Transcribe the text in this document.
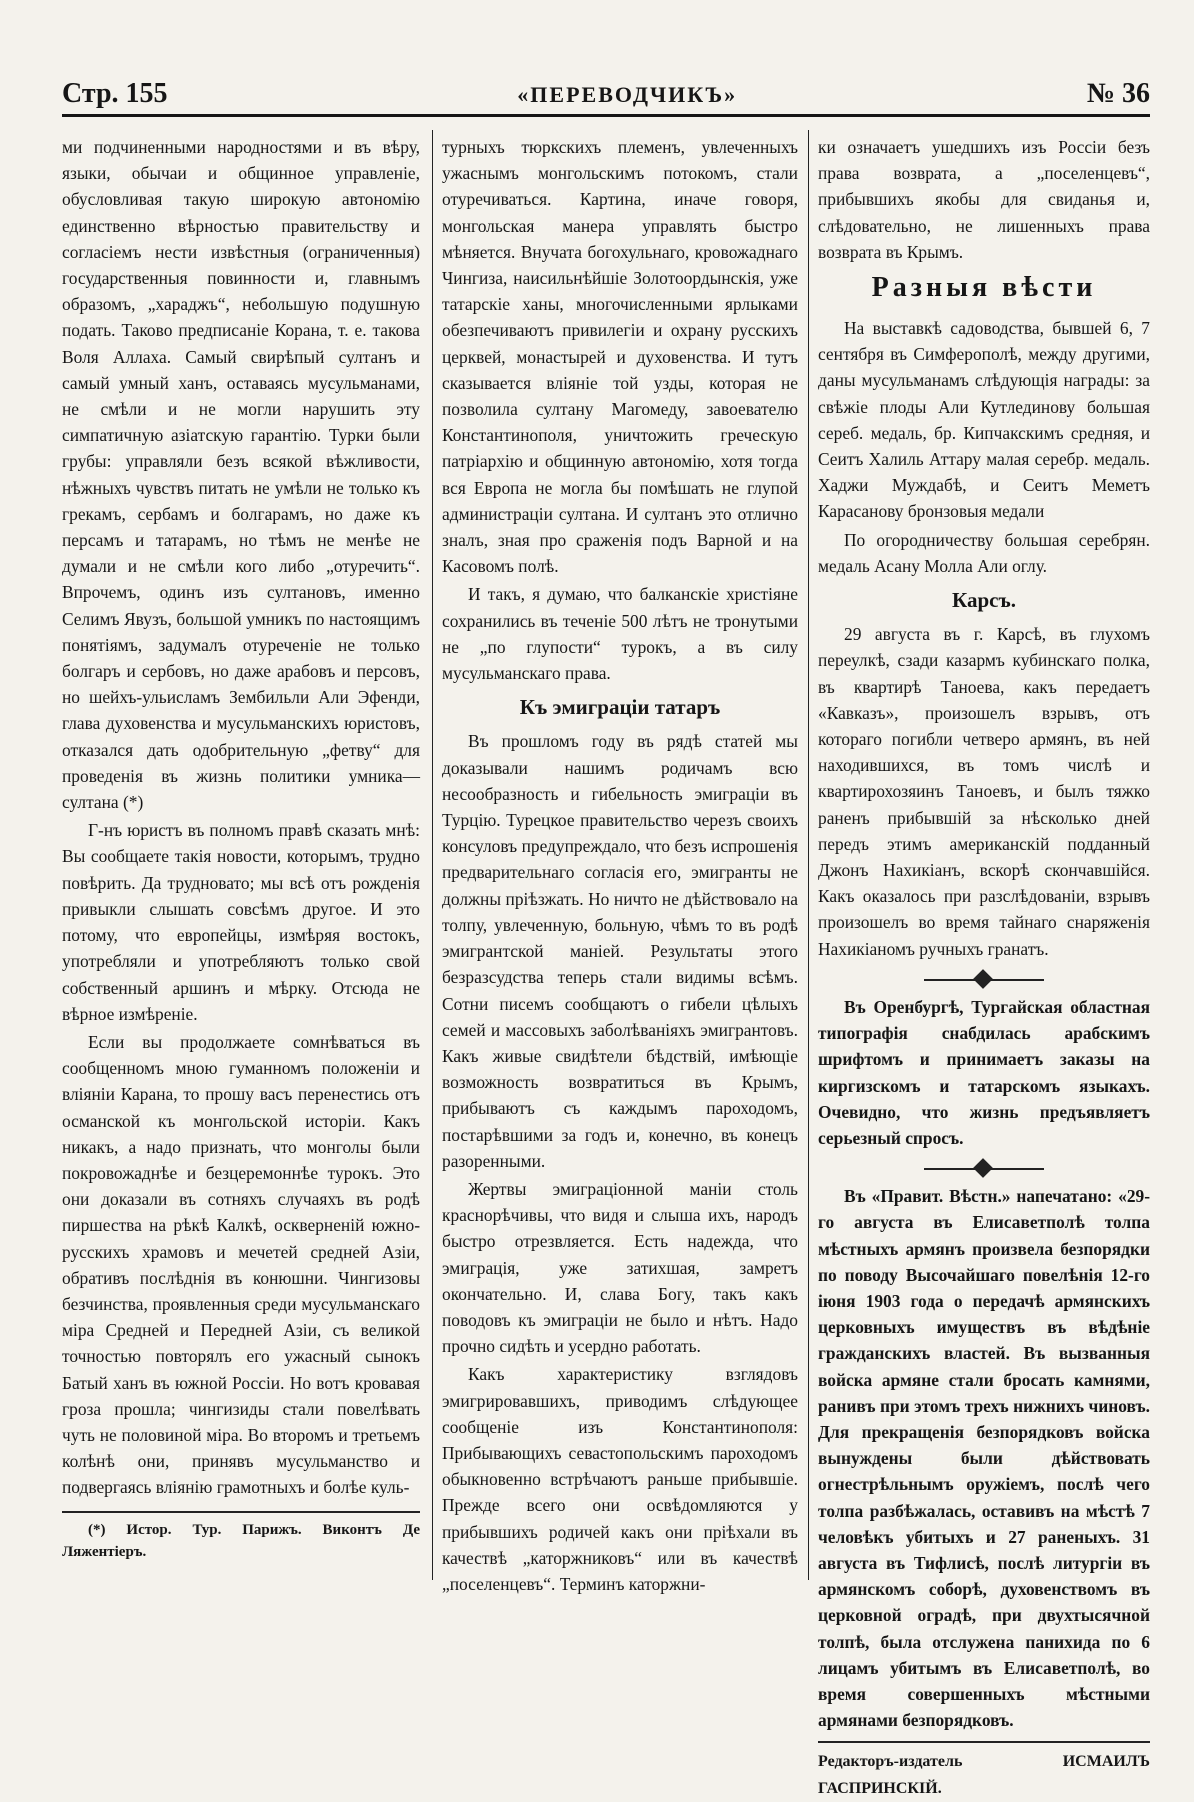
Стр. 155	«ПЕРЕВОДЧИКЪ»	№ 36

ми подчиненными народностями и въ вѣру, языки, обычаи и общинное управленіе, обусловливая такую широкую автономію единственно вѣрностью правительству и согласіемъ нести извѣстныя (ограниченныя) государственныя повинности и, главнымъ образомъ, „хараджъ“, небольшую подушную подать. Таково предписаніе Корана, т. е. такова Воля Аллаха. Самый свирѣпый султанъ и самый умный ханъ, оставаясь мусульманами, не смѣли и не могли нарушить эту симпатичную азіатскую гарантію. Турки были грубы: управляли безъ всякой вѣжливости, нѣжныхъ чувствъ питать не умѣли не только къ грекамъ, сербамъ и болгарамъ, но даже къ персамъ и татарамъ, но тѣмъ не менѣе не думали и не смѣли кого либо „отуречить“. Впрочемъ, одинъ изъ султановъ, именно Селимъ Явузъ, большой умникъ по настоящимъ понятіямъ, задумалъ отуреченіе не только болгаръ и сербовъ, но даже арабовъ и персовъ, но шейхъ-ульисламъ Зембильли Али Эфенди, глава духовенства и мусульманскихъ юристовъ, отказался дать одобрительную „фетву“ для проведенія въ жизнь политики умника—султана (*)

Г-нъ юристъ въ полномъ правѣ сказать мнѣ: Вы сообщаете такія новости, которымъ, трудно повѣрить. Да трудновато; мы всѣ отъ рожденія привыкли слышать совсѣмъ другое. И это потому, что европейцы, измѣряя востокъ, употребляли и употребляютъ только свой собственный аршинъ и мѣрку. Отсюда не вѣрное измѣреніе.

Если вы продолжаете сомнѣваться въ сообщенномъ мною гуманномъ положеніи и вліяніи Карана, то прошу васъ перенестись отъ османской къ монгольской исторіи. Какъ никакъ, а надо признать, что монголы были покровожаднѣе и безцеремоннѣе турокъ. Это они доказали въ сотняхъ случаяхъ въ родѣ пиршества на рѣкѣ Калкѣ, оскверненій южно-русскихъ храмовъ и мечетей средней Азіи, обративъ послѣднія въ конюшни. Чингизовы безчинства, проявленныя среди мусульманскаго міра Средней и Передней Азіи, съ великой точностью повторялъ его ужасный сынокъ Батый ханъ въ южной Россіи. Но вотъ кровавая гроза прошла; чингизиды стали повелѣвать чуть не половиной міра. Во второмъ и третьемъ колѣнѣ они, принявъ мусульманство и подвергаясь вліянію грамотныхъ и болѣе куль-

(*) Истор. Тур. Парижъ. Виконтъ Де Ляжентіеръ.

турныхъ тюркскихъ племенъ, увлеченныхъ ужаснымъ монгольскимъ потокомъ, стали отуречиваться. Картина, иначе говоря, монгольская манера управлять быстро мѣняется. Внучата богохульнаго, кровожаднаго Чингиза, наисильнѣйшіе Золотоордынскія, уже татарскіе ханы, многочисленными ярлыками обезпечиваютъ привилегіи и охрану русскихъ церквей, монастырей и духовенства. И тутъ сказывается вліяніе той узды, которая не позволила султану Магомеду, завоевателю Константинополя, уничтожить греческую патріархію и общинную автономію, хотя тогда вся Европа не могла бы помѣшать не глупой администраціи султана. И султанъ это отлично зналъ, зная про сраженія подъ Варной и на Касовомъ полѣ.

И такъ, я думаю, что балканскіе христіяне сохранились въ теченіе 500 лѣтъ не тронутыми не „по глупости“ турокъ, а въ силу мусульманскаго права.

Къ эмиграціи татаръ

Въ прошломъ году въ рядѣ статей мы доказывали нашимъ родичамъ всю несообразность и гибельность эмиграціи въ Турцію. Турецкое правительство черезъ своихъ консуловъ предупреждало, что безъ испрошенія предварительнаго согласія его, эмигранты не должны пріѣзжать. Но ничто не дѣйствовало на толпу, увлеченную, больную, чѣмъ то въ родѣ эмигрантской маніей. Результаты этого безразсудства теперь стали видимы всѣмъ. Сотни писемъ сообщаютъ о гибели цѣлыхъ семей и массовыхъ заболѣваніяхъ эмигрантовъ. Какъ живые свидѣтели бѣдствій, имѣющіе возможность возвратиться въ Крымъ, прибываютъ съ каждымъ пароходомъ, постарѣвшими за годъ и, конечно, въ конецъ разоренными.

Жертвы эмиграціонной маніи столь краснорѣчивы, что видя и слыша ихъ, народъ быстро отрезвляется. Есть надежда, что эмиграція, уже затихшая, замретъ окончательно. И, слава Богу, такъ какъ поводовъ къ эмиграціи не было и нѣтъ. Надо прочно сидѣть и усердно работать.

Какъ характеристику взглядовъ эмигрировавшихъ, приводимъ слѣдующее сообщеніе изъ Константинополя: Прибывающихъ севастопольскимъ пароходомъ обыкновенно встрѣчаютъ раньше прибывшіе. Прежде всего они освѣдомляются у прибывшихъ родичей какъ они пріѣхали въ качествѣ „каторжниковъ“ или въ качествѣ „поселенцевъ“. Терминъ каторжни-

ки означаетъ ушедшихъ изъ Россіи безъ права возврата, а „поселенцевъ“, прибывшихъ якобы для свиданья и, слѣдовательно, не лишенныхъ права возврата въ Крымъ.

Разныя вѣсти

На выставкѣ садоводства, бывшей 6, 7 сентября въ Симферополѣ, между другими, даны мусульманамъ слѣдующія награды: за свѣжіе плоды Али Кутлединову большая сереб. медаль, бр. Кипчакскимъ средняя, и Сеитъ Халиль Аттару малая серебр. медаль. Хаджи Муждабѣ, и Сеитъ Меметъ Карасанову бронзовыя медали

По огородничеству большая серебрян. медаль Асану Молла Али оглу.

Карсъ.

29 августа въ г. Карсѣ, въ глухомъ переулкѣ, сзади казармъ кубинскаго полка, въ квартирѣ Таноева, какъ передаетъ «Кавказъ», произошелъ взрывъ, отъ котораго погибли четверо армянъ, въ ней находившихся, въ томъ числѣ и квартирохозяинъ Таноевъ, и былъ тяжко раненъ прибывшій за нѣсколько дней передъ этимъ американскій подданный Джонъ Нахикіанъ, вскорѣ скончавшійся. Какъ оказалось при разслѣдованіи, взрывъ произошелъ во время тайнаго снаряженія Нахикіаномъ ручныхъ гранатъ.

Въ Оренбургѣ, Тургайская областная типографія снабдилась арабскимъ шрифтомъ и принимаетъ заказы на киргизскомъ и татарскомъ языкахъ. Очевидно, что жизнь предъявляетъ серьезный спросъ.

Въ «Правит. Вѣстн.» напечатано: «29-го августа въ Елисаветполѣ толпа мѣстныхъ армянъ произвела безпорядки по поводу Высочайшаго повелѣнія 12-го іюня 1903 года о передачѣ армянскихъ церковныхъ имуществъ въ вѣдѣніе гражданскихъ властей. Въ вызванныя войска армяне стали бросать камнями, ранивъ при этомъ трехъ нижнихъ чиновъ. Для прекращенія безпорядковъ войска вынуждены были дѣйствовать огнестрѣльнымъ оружіемъ, послѣ чего толпа разбѣжалась, оставивъ на мѣстѣ 7 человѣкъ убитыхъ и 27 раненыхъ. 31 августа въ Тифлисѣ, послѣ литургіи въ армянскомъ соборѣ, духовенствомъ въ церковной оградѣ, при двухтысячной толпѣ, была отслужена панихида по 6 лицамъ убитымъ въ Елисаветполѣ, во время совершенныхъ мѣстными армянами безпорядковъ.

Редакторъ-издатель ИСМАИЛЪ ГАСПРИНСКІЙ.
